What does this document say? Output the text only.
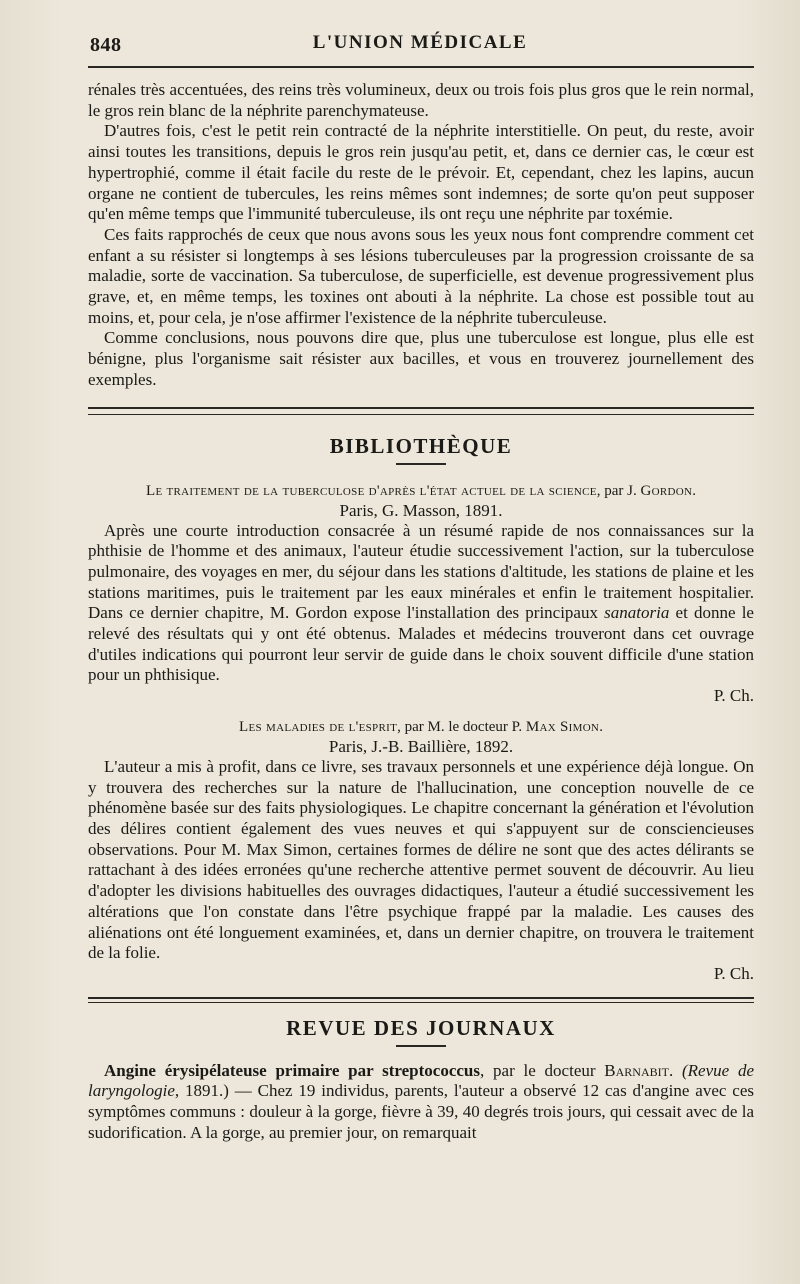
848	L'UNION MÉDICALE

rénales très accentuées, des reins très volumineux, deux ou trois fois plus gros que le rein normal, le gros rein blanc de la néphrite parenchymateuse.

D'autres fois, c'est le petit rein contracté de la néphrite interstitielle. On peut, du reste, avoir ainsi toutes les transitions, depuis le gros rein jusqu'au petit, et, dans ce dernier cas, le cœur est hypertrophié, comme il était facile du reste de le prévoir. Et, cependant, chez les lapins, aucun organe ne contient de tubercules, les reins mêmes sont indemnes; de sorte qu'on peut supposer qu'en même temps que l'immunité tuberculeuse, ils ont reçu une néphrite par toxémie.

Ces faits rapprochés de ceux que nous avons sous les yeux nous font comprendre comment cet enfant a su résister si longtemps à ses lésions tuberculeuses par la progression croissante de sa maladie, sorte de vaccination. Sa tuberculose, de superficielle, est devenue progressivement plus grave, et, en même temps, les toxines ont abouti à la néphrite. La chose est possible tout au moins, et, pour cela, je n'ose affirmer l'existence de la néphrite tuberculeuse.

Comme conclusions, nous pouvons dire que, plus une tuberculose est longue, plus elle est bénigne, plus l'organisme sait résister aux bacilles, et vous en trouverez journellement des exemples.

BIBLIOTHÈQUE
Le traitement de la tuberculose d'après l'état actuel de la science, par J. Gordon.
Paris, G. Masson, 1891.

Après une courte introduction consacrée à un résumé rapide de nos connaissances sur la phthisie de l'homme et des animaux, l'auteur étudie successivement l'action, sur la tuberculose pulmonaire, des voyages en mer, du séjour dans les stations d'altitude, les stations de plaine et les stations maritimes, puis le traitement par les eaux minérales et enfin le traitement hospitalier. Dans ce dernier chapitre, M. Gordon expose l'installation des principaux sanatoria et donne le relevé des résultats qui y ont été obtenus. Malades et médecins trouveront dans cet ouvrage d'utiles indications qui pourront leur servir de guide dans le choix souvent difficile d'une station pour un phthisique.

P. Ch.

Les maladies de l'esprit, par M. le docteur P. Max Simon.
Paris, J.-B. Baillière, 1892.

L'auteur a mis à profit, dans ce livre, ses travaux personnels et une expérience déjà longue. On y trouvera des recherches sur la nature de l'hallucination, une conception nouvelle de ce phénomène basée sur des faits physiologiques. Le chapitre concernant la génération et l'évolution des délires contient également des vues neuves et qui s'appuyent sur de consciencieuses observations. Pour M. Max Simon, certaines formes de délire ne sont que des actes délirants se rattachant à des idées erronées qu'une recherche attentive permet souvent de découvrir. Au lieu d'adopter les divisions habituelles des ouvrages didactiques, l'auteur a étudié successivement les altérations que l'on constate dans l'être psychique frappé par la maladie. Les causes des aliénations ont été longuement examinées, et, dans un dernier chapitre, on trouvera le traitement de la folie.

P. Ch.

REVUE DES JOURNAUX

Angine érysipélateuse primaire par streptococcus, par le docteur Barnabit. (Revue de laryngologie, 1891.) — Chez 19 individus, parents, l'auteur a observé 12 cas d'angine avec ces symptômes communs : douleur à la gorge, fièvre à 39, 40 degrés trois jours, qui cessait avec de la sudorification. A la gorge, au premier jour, on remarquait
